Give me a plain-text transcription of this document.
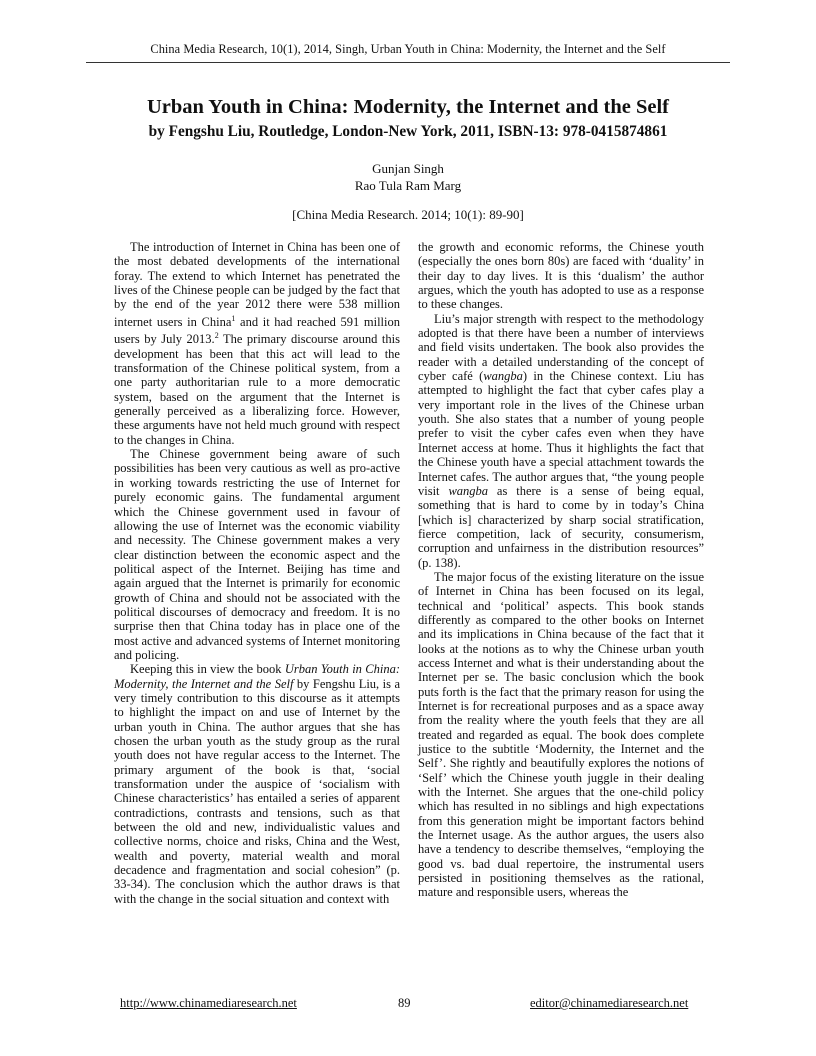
China Media Research, 10(1), 2014, Singh, Urban Youth in China: Modernity, the Internet and the Self
Urban Youth in China: Modernity, the Internet and the Self
by Fengshu Liu, Routledge, London-New York, 2011, ISBN-13: 978-0415874861
Gunjan Singh
Rao Tula Ram Marg
[China Media Research. 2014; 10(1): 89-90]

The introduction of Internet in China has been one of the most debated developments of the international foray. The extend to which Internet has penetrated the lives of the Chinese people can be judged by the fact that by the end of the year 2012 there were 538 million internet users in China$^1$ and it had reached 591 million users by July 2013.$^2$ The primary discourse around this development has been that this act will lead to the transformation of the Chinese political system, from a one party authoritarian rule to a more democratic system, based on the argument that the Internet is generally perceived as a liberalizing force. However, these arguments have not held much ground with respect to the changes in China.

The Chinese government being aware of such possibilities has been very cautious as well as pro-active in working towards restricting the use of Internet for purely economic gains. The fundamental argument which the Chinese government used in favour of allowing the use of Internet was the economic viability and necessity. The Chinese government makes a very clear distinction between the economic aspect and the political aspect of the Internet. Beijing has time and again argued that the Internet is primarily for economic growth of China and should not be associated with the political discourses of democracy and freedom. It is no surprise then that China today has in place one of the most active and advanced systems of Internet monitoring and policing.

Keeping this in view the book Urban Youth in China: Modernity, the Internet and the Self by Fengshu Liu, is a very timely contribution to this discourse as it attempts to highlight the impact on and use of Internet by the urban youth in China. The author argues that she has chosen the urban youth as the study group as the rural youth does not have regular access to the Internet. The primary argument of the book is that, ‘social transformation under the auspice of ‘socialism with Chinese characteristics’ has entailed a series of apparent contradictions, contrasts and tensions, such as that between the old and new, individualistic values and collective norms, choice and risks, China and the West, wealth and poverty, material wealth and moral decadence and fragmentation and social cohesion” (p. 33-34). The conclusion which the author draws is that with the change in the social situation and context with

the growth and economic reforms, the Chinese youth (especially the ones born 80s) are faced with ‘duality’ in their day to day lives. It is this ‘dualism’ the author argues, which the youth has adopted to use as a response to these changes.

Liu’s major strength with respect to the methodology adopted is that there have been a number of interviews and field visits undertaken. The book also provides the reader with a detailed understanding of the concept of cyber café (wangba) in the Chinese context. Liu has attempted to highlight the fact that cyber cafes play a very important role in the lives of the Chinese urban youth. She also states that a number of young people prefer to visit the cyber cafes even when they have Internet access at home. Thus it highlights the fact that the Chinese youth have a special attachment towards the Internet cafes. The author argues that, “the young people visit wangba as there is a sense of being equal, something that is hard to come by in today’s China [which is] characterized by sharp social stratification, fierce competition, lack of security, consumerism, corruption and unfairness in the distribution resources” (p. 138).

The major focus of the existing literature on the issue of Internet in China has been focused on its legal, technical and ‘political’ aspects. This book stands differently as compared to the other books on Internet and its implications in China because of the fact that it looks at the notions as to why the Chinese urban youth access Internet and what is their understanding about the Internet per se. The basic conclusion which the book puts forth is the fact that the primary reason for using the Internet is for recreational purposes and as a space away from the reality where the youth feels that they are all treated and regarded as equal. The book does complete justice to the subtitle ‘Modernity, the Internet and the Self’. She rightly and beautifully explores the notions of ‘Self’ which the Chinese youth juggle in their dealing with the Internet. She argues that the one-child policy which has resulted in no siblings and high expectations from this generation might be important factors behind the Internet usage. As the author argues, the users also have a tendency to describe themselves, “employing the good vs. bad dual repertoire, the instrumental users persisted in positioning themselves as the rational, mature and responsible users, whereas the

http://www.chinamediaresearch.net	89	editor@chinamediaresearch.net
